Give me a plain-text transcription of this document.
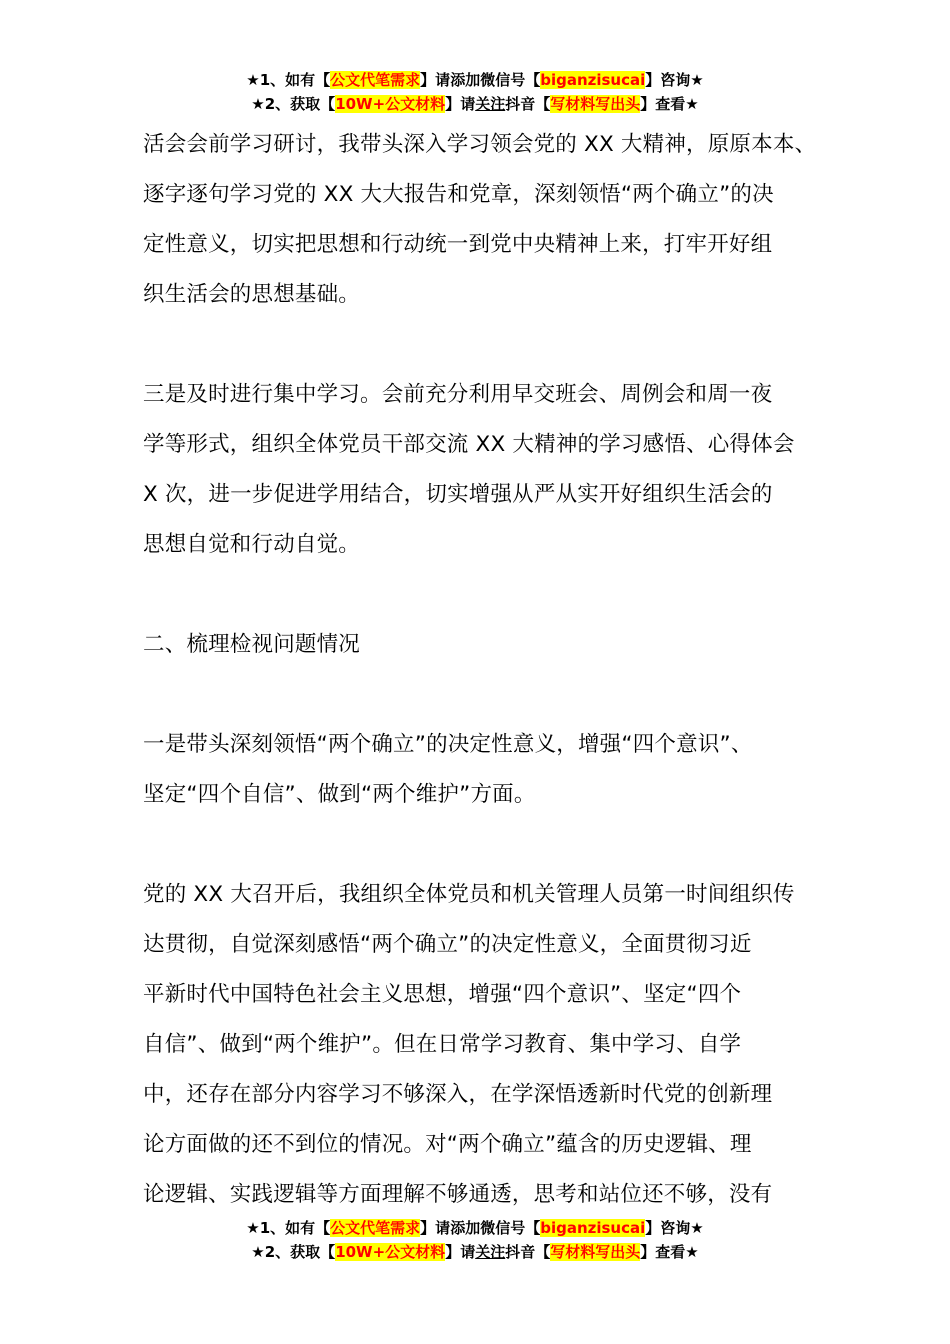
★1、如有【公文代笔需求】请添加微信号【biganzisucai】咨询★
★2、获取【10W+公文材料】请关注抖音【写材料写出头】查看★
活会会前学习研讨，我带头深入学习领会党的 XX 大精神，原原本本、
逐字逐句学习党的 XX 大大报告和党章，深刻领悟“两个确立”的决
定性意义，切实把思想和行动统一到党中央精神上来，打牢开好组
织生活会的思想基础。
三是及时进行集中学习。会前充分利用早交班会、周例会和周一夜
学等形式，组织全体党员干部交流 XX 大精神的学习感悟、心得体会
X 次，进一步促进学用结合，切实增强从严从实开好组织生活会的
思想自觉和行动自觉。
二、梳理检视问题情况
一是带头深刻领悟“两个确立”的决定性意义，增强“四个意识”、
坚定“四个自信”、做到“两个维护”方面。
党的 XX 大召开后，我组织全体党员和机关管理人员第一时间组织传
达贯彻，自觉深刻感悟“两个确立”的决定性意义，全面贯彻习近
平新时代中国特色社会主义思想，增强“四个意识”、坚定“四个
自信”、做到“两个维护”。但在日常学习教育、集中学习、自学
中，还存在部分内容学习不够深入，在学深悟透新时代党的创新理
论方面做的还不到位的情况。对“两个确立”蕴含的历史逻辑、理
论逻辑、实践逻辑等方面理解不够通透，思考和站位还不够，没有
★1、如有【公文代笔需求】请添加微信号【biganzisucai】咨询★
★2、获取【10W+公文材料】请关注抖音【写材料写出头】查看★
